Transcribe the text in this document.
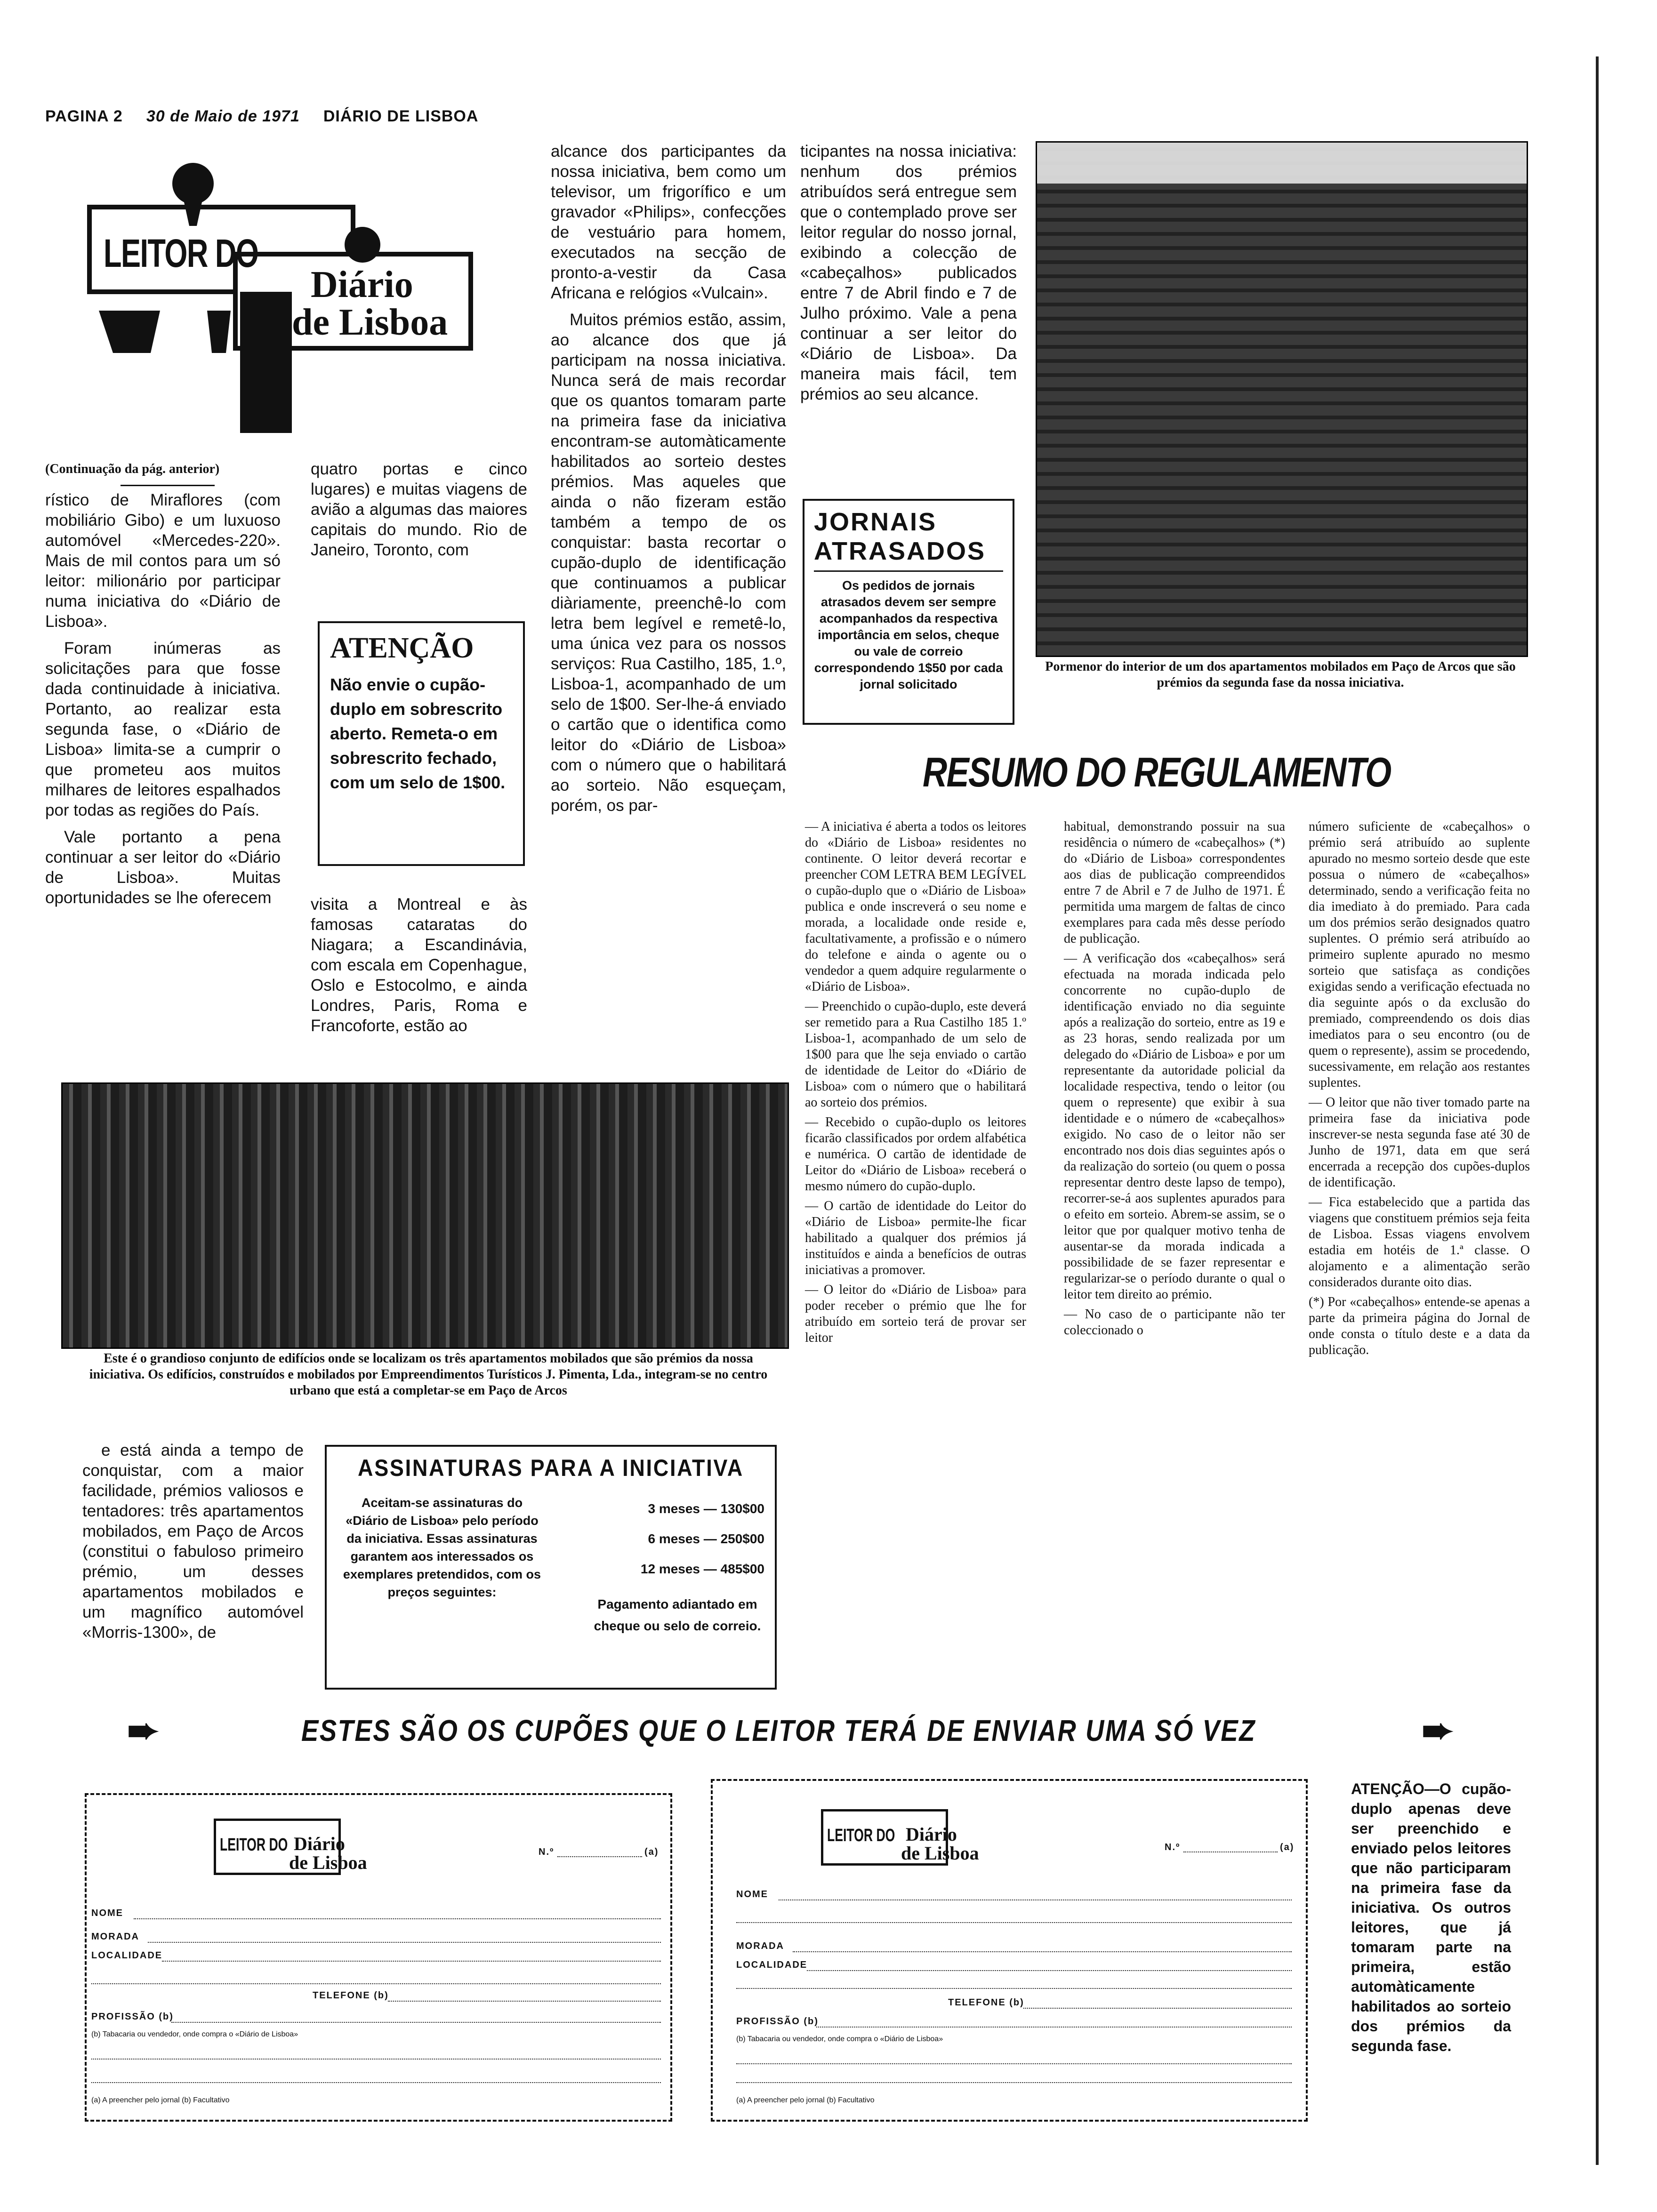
PAGINA 2 30 de Maio de 1971 DIÁRIO DE LISBOA
LEITOR DO
Diário
de Lisboa
(Continuação da pág. anterior)

rístico de Miraflores (com mobiliário Gibo) e um luxuoso automóvel «Mercedes-220». Mais de mil contos para um só leitor: milionário por participar numa iniciativa do «Diário de Lisboa».

Foram inúmeras as solicitações para que fosse dada continuidade à iniciativa. Portanto, ao realizar esta segunda fase, o «Diário de Lisboa» limita-se a cumprir o que prometeu aos muitos milhares de leitores espalhados por todas as regiões do País.

Vale portanto a pena continuar a ser leitor do «Diário de Lisboa». Muitas oportunidades se lhe oferecem

quatro portas e cinco lugares) e muitas viagens de avião a algumas das maiores capitais do mundo. Rio de Janeiro, Toronto, com

ATENÇÃO
Não envie o cupão-duplo em sobrescrito aberto. Remeta-o em sobrescrito fechado, com um selo de 1$00.

visita a Montreal e às famosas cataratas do Niagara; a Escandinávia, com escala em Copenhague, Oslo e Estocolmo, e ainda Londres, Paris, Roma e Francoforte, estão ao

alcance dos participantes da nossa iniciativa, bem como um televisor, um frigorífico e um gravador «Philips», confecções de vestuário para homem, executados na secção de pronto-a-vestir da Casa Africana e relógios «Vulcain».

Muitos prémios estão, assim, ao alcance dos que já participam na nossa iniciativa. Nunca será de mais recordar que os quantos tomaram parte na primeira fase da iniciativa encontram-se automàticamente habilitados ao sorteio destes prémios. Mas aqueles que ainda o não fizeram estão também a tempo de os conquistar: basta recortar o cupão-duplo de identificação que continuamos a publicar diàriamente, preenchê-lo com letra bem legível e remetê-lo, uma única vez para os nossos serviços: Rua Castilho, 185, 1.º, Lisboa-1, acompanhado de um selo de 1$00. Ser-lhe-á enviado o cartão que o identifica como leitor do «Diário de Lisboa» com o número que o habilitará ao sorteio. Não esqueçam, porém, os par-

ticipantes na nossa iniciativa: nenhum dos prémios atribuídos será entregue sem que o contemplado prove ser leitor regular do nosso jornal, exibindo a colecção de «cabeçalhos» publicados entre 7 de Abril findo e 7 de Julho próximo. Vale a pena continuar a ser leitor do «Diário de Lisboa». Da maneira mais fácil, tem prémios ao seu alcance.

JORNAIS
ATRASADOS
Os pedidos de jornais atrasados devem ser sempre acompanhados da respectiva importância em selos, cheque ou vale de correio correspondendo 1$50 por cada jornal solicitado
Pormenor do interior de um dos apartamentos mobilados em Paço de Arcos que são prémios da segunda fase da nossa iniciativa.
RESUMO DO REGULAMENTO

— A iniciativa é aberta a todos os leitores do «Diário de Lisboa» residentes no continente. O leitor deverá recortar e preencher COM LETRA BEM LEGÍVEL o cupão-duplo que o «Diário de Lisboa» publica e onde inscreverá o seu nome e morada, a localidade onde reside e, facultativamente, a profissão e o número do telefone e ainda o agente ou o vendedor a quem adquire regularmente o «Diário de Lisboa».

— Preenchido o cupão-duplo, este deverá ser remetido para a Rua Castilho 185 1.º Lisboa-1, acompanhado de um selo de 1$00 para que lhe seja enviado o cartão de identidade de Leitor do «Diário de Lisboa» com o número que o habilitará ao sorteio dos prémios.

— Recebido o cupão-duplo os leitores ficarão classificados por ordem alfabética e numérica. O cartão de identidade de Leitor do «Diário de Lisboa» receberá o mesmo número do cupão-duplo.

— O cartão de identidade do Leitor do «Diário de Lisboa» permite-lhe ficar habilitado a qualquer dos prémios já instituídos e ainda a benefícios de outras iniciativas a promover.

— O leitor do «Diário de Lisboa» para poder receber o prémio que lhe for atribuído em sorteio terá de provar ser leitor

habitual, demonstrando possuir na sua residência o número de «cabeçalhos» (*) do «Diário de Lisboa» correspondentes aos dias de publicação compreendidos entre 7 de Abril e 7 de Julho de 1971. É permitida uma margem de faltas de cinco exemplares para cada mês desse período de publicação.

— A verificação dos «cabeçalhos» será efectuada na morada indicada pelo concorrente no cupão-duplo de identificação enviado no dia seguinte após a realização do sorteio, entre as 19 e as 23 horas, sendo realizada por um delegado do «Diário de Lisboa» e por um representante da autoridade policial da localidade respectiva, tendo o leitor (ou quem o represente) que exibir à sua identidade e o número de «cabeçalhos» exigido. No caso de o leitor não ser encontrado nos dois dias seguintes após o da realização do sorteio (ou quem o possa representar dentro deste lapso de tempo), recorrer-se-á aos suplentes apurados para o efeito em sorteio. Abrem-se assim, se o leitor que por qualquer motivo tenha de ausentar-se da morada indicada a possibilidade de se fazer representar e regularizar-se o período durante o qual o leitor tem direito ao prémio.

— No caso de o participante não ter coleccionado o

número suficiente de «cabeçalhos» o prémio será atribuído ao suplente apurado no mesmo sorteio desde que este possua o número de «cabeçalhos» determinado, sendo a verificação feita no dia imediato à do premiado. Para cada um dos prémios serão designados quatro suplentes. O prémio será atribuído ao primeiro suplente apurado no mesmo sorteio que satisfaça as condições exigidas sendo a verificação efectuada no dia seguinte após o da exclusão do premiado, compreendendo os dois dias imediatos para o seu encontro (ou de quem o represente), assim se procedendo, sucessivamente, em relação aos restantes suplentes.

— O leitor que não tiver tomado parte na primeira fase da iniciativa pode inscrever-se nesta segunda fase até 30 de Junho de 1971, data em que será encerrada a recepção dos cupões-duplos de identificação.

— Fica estabelecido que a partida das viagens que constituem prémios seja feita de Lisboa. Essas viagens envolvem estadia em hotéis de 1.ª classe. O alojamento e a alimentação serão considerados durante oito dias.

(*) Por «cabeçalhos» entende-se apenas a parte da primeira página do Jornal de onde consta o título deste e a data da publicação.

Este é o grandioso conjunto de edifícios onde se localizam os três apartamentos mobilados que são prémios da nossa iniciativa. Os edifícios, construídos e mobilados por Empreendimentos Turísticos J. Pimenta, Lda., integram-se no centro urbano que está a completar-se em Paço de Arcos

e está ainda a tempo de conquistar, com a maior facilidade, prémios valiosos e tentadores: três apartamentos mobilados, em Paço de Arcos (constitui o fabuloso primeiro prémio, um desses apartamentos mobilados e um magnífico automóvel «Morris-1300», de

ASSINATURAS PARA A INICIATIVA
Aceitam-se assinaturas do «Diário de Lisboa» pelo período da iniciativa. Essas assinaturas garantem aos interessados os exemplares pretendidos, com os preços seguintes:
3 meses — 130$00
6 meses — 250$00
12 meses — 485$00
Pagamento adiantado em cheque ou selo de correio.
➨	ESTES SÃO OS CUPÕES QUE O LEITOR TERÁ DE ENVIAR UMA SÓ VEZ	➨
LEITOR DO Diário
de Lisboa	N.º	(a)
NOME
MORADA
LOCALIDADE
TELEFONE (b)
PROFISSÃO (b)
(b) Tabacaria ou vendedor, onde compra o «Diário de Lisboa»
(a) A preencher pelo jornal (b) Facultativo
LEITOR DO Diário
de Lisboa	N.º	(a)
NOME
MORADA
LOCALIDADE
TELEFONE (b)
PROFISSÃO (b)
(b) Tabacaria ou vendedor, onde compra o «Diário de Lisboa»
(a) A preencher pelo jornal (b) Facultativo
ATENÇÃO—O cupão-duplo apenas deve ser preenchido e enviado pelos leitores que não participaram na primeira fase da iniciativa. Os outros leitores, que já tomaram parte na primeira, estão automàticamente habilitados ao sorteio dos prémios da segunda fase.
